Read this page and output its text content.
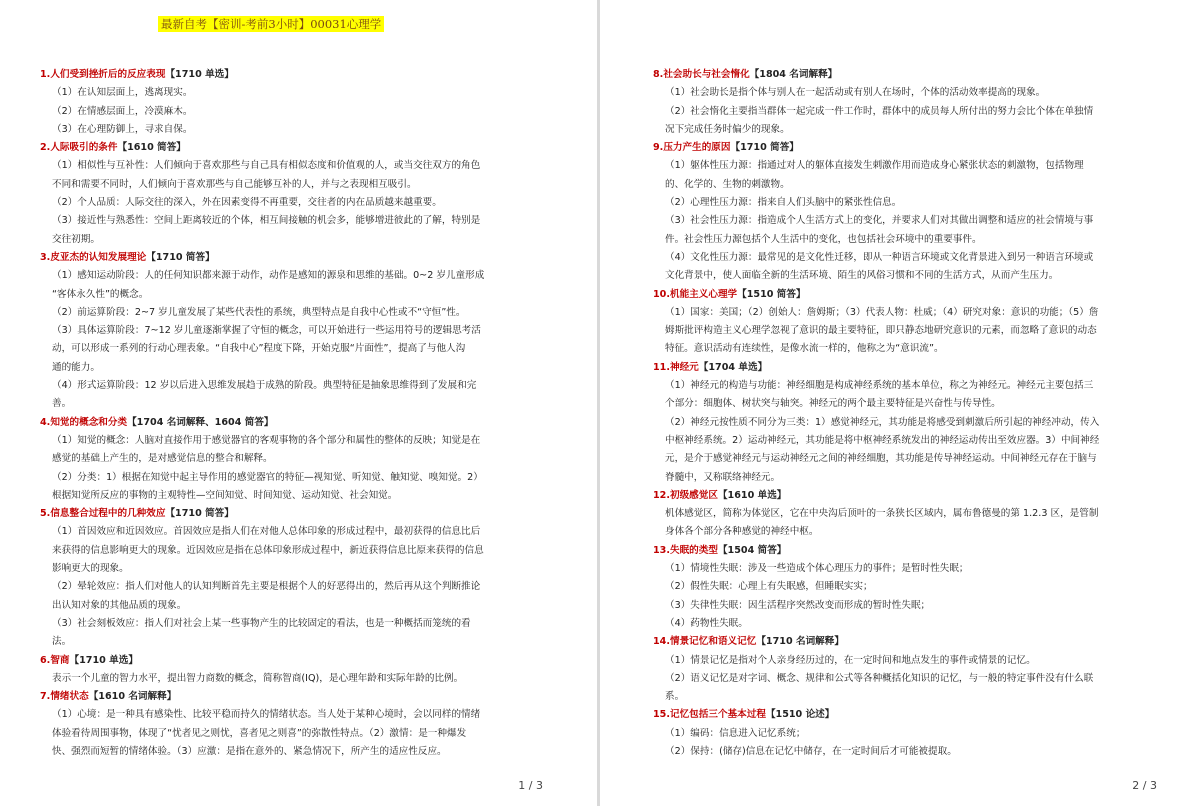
最新自考【密训-考前3小时】00031心理学
1.人们受到挫折后的反应表现【1710 单选】
（1）在认知层面上，逃离现实。
（2）在情感层面上，冷漠麻木。
（3）在心理防御上，寻求自保。
2.人际吸引的条件【1610 简答】
（1）相似性与互补性：人们倾向于喜欢那些与自己具有相似态度和价值观的人，或当交往双方的角色
不同和需要不同时，人们倾向于喜欢那些与自己能够互补的人，并与之表现相互吸引。
（2）个人品质：人际交往的深入，外在因素变得不再重要，交往者的内在品质越来越重要。
（3）接近性与熟悉性：空间上距离较近的个体，相互间接触的机会多，能够增进彼此的了解，特别是
交往初期。
3.皮亚杰的认知发展理论【1710 简答】
（1）感知运动阶段：人的任何知识都来源于动作，动作是感知的源泉和思维的基础。0~2 岁儿童形成
“客体永久性”的概念。
（2）前运算阶段：2~7 岁儿童发展了某些代表性的系统，典型特点是自我中心性或不“守恒”性。
（3）具体运算阶段：7~12 岁儿童逐渐掌握了守恒的概念，可以开始进行一些运用符号的逻辑思考活
动，可以形成一系列的行动心理表象。“自我中心”程度下降，开始克服“片面性”，提高了与他人沟
通的能力。
（4）形式运算阶段：12 岁以后进入思维发展趋于成熟的阶段。典型特征是抽象思维得到了发展和完
善。
4.知觉的概念和分类【1704 名词解释、1604 简答】
（1）知觉的概念：人脑对直接作用于感觉器官的客观事物的各个部分和属性的整体的反映；知觉是在
感觉的基础上产生的，是对感觉信息的整合和解释。
（2）分类：1）根据在知觉中起主导作用的感觉器官的特征—视知觉、听知觉、触知觉、嗅知觉。2）
根据知觉所反应的事物的主观特性—空间知觉、时间知觉、运动知觉、社会知觉。
5.信息整合过程中的几种效应【1710 简答】
（1）首因效应和近因效应。首因效应是指人们在对他人总体印象的形成过程中，最初获得的信息比后
来获得的信息影响更大的现象。近因效应是指在总体印象形成过程中，新近获得信息比原来获得的信息
影响更大的现象。
（2）晕轮效应：指人们对他人的认知判断首先主要是根据个人的好恶得出的，然后再从这个判断推论
出认知对象的其他品质的现象。
（3）社会刻板效应：指人们对社会上某一些事物产生的比较固定的看法，也是一种概括而笼统的看
法。
6.智商【1710 单选】
表示一个儿童的智力水平，提出智力商数的概念，简称智商(IQ)，是心理年龄和实际年龄的比例。
7.情绪状态【1610 名词解释】
（1）心境：是一种具有感染性、比较平稳而持久的情绪状态。当人处于某种心境时，会以同样的情绪
体验看待周围事物，体现了“忧者见之则忧，喜者见之则喜”的弥散性特点。（2）激情：是一种爆发
快、强烈而短暂的情绪体验。（3）应激：是指在意外的、紧急情况下，所产生的适应性反应。
1 / 3
8.社会助长与社会惰化【1804 名词解释】
（1）社会助长是指个体与别人在一起活动或有别人在场时，个体的活动效率提高的现象。
（2）社会惰化主要指当群体一起完成一件工作时，群体中的成员每人所付出的努力会比个体在单独情
况下完成任务时偏少的现象。
9.压力产生的原因【1710 简答】
（1）躯体性压力源：指通过对人的躯体直接发生刺激作用而造成身心紧张状态的刺激物，包括物理
的、化学的、生物的刺激物。
（2）心理性压力源：指来自人们头脑中的紧张性信息。
（3）社会性压力源：指造成个人生活方式上的变化，并要求人们对其做出调整和适应的社会情境与事
件。社会性压力源包括个人生活中的变化，也包括社会环境中的重要事件。
（4）文化性压力源：最常见的是文化性迁移，即从一种语言环境或文化背景进入到另一种语言环境或
文化背景中，使人面临全新的生活环境、陌生的风俗习惯和不同的生活方式，从而产生压力。
10.机能主义心理学【1510 简答】
（1）国家：美国；（2）创始人：詹姆斯；（3）代表人物：杜威；（4）研究对象：意识的功能；（5）詹
姆斯批评构造主义心理学忽视了意识的最主要特征，即只静态地研究意识的元素，而忽略了意识的动态
特征。意识活动有连续性，是像水流一样的，他称之为“意识流”。
11.神经元【1704 单选】
（1）神经元的构造与功能：神经细胞是构成神经系统的基本单位，称之为神经元。神经元主要包括三
个部分：细胞体、树状突与轴突。神经元的两个最主要特征是兴奋性与传导性。
（2）神经元按性质不同分为三类：1）感觉神经元，其功能是将感受到刺激后所引起的神经冲动，传入
中枢神经系统。2）运动神经元，其功能是将中枢神经系统发出的神经运动传出至效应器。3）中间神经
元，是介于感觉神经元与运动神经元之间的神经细胞，其功能是传导神经运动。中间神经元存在于脑与
脊髓中，又称联络神经元。
12.初级感觉区【1610 单选】
机体感觉区，简称为体觉区，它在中央沟后顶叶的一条狭长区域内，属布鲁德曼的第 1.2.3 区，是管制
身体各个部分各种感觉的神经中枢。
13.失眠的类型【1504 简答】
（1）情境性失眠：涉及一些造成个体心理压力的事件；是暂时性失眠；
（2）假性失眠：心理上有失眠感，但睡眠实实；
（3）失律性失眠：因生活程序突然改变而形成的暂时性失眠；
（4）药物性失眠。
14.情景记忆和语义记忆【1710 名词解释】
（1）情景记忆是指对个人亲身经历过的，在一定时间和地点发生的事件或情景的记忆。
（2）语义记忆是对字词、概念、规律和公式等各种概括化知识的记忆，与一般的特定事件没有什么联
系。
15.记忆包括三个基本过程【1510 论述】
（1）编码：信息进入记忆系统；
（2）保持：(储存)信息在记忆中储存，在一定时间后才可能被提取。
2 / 3
